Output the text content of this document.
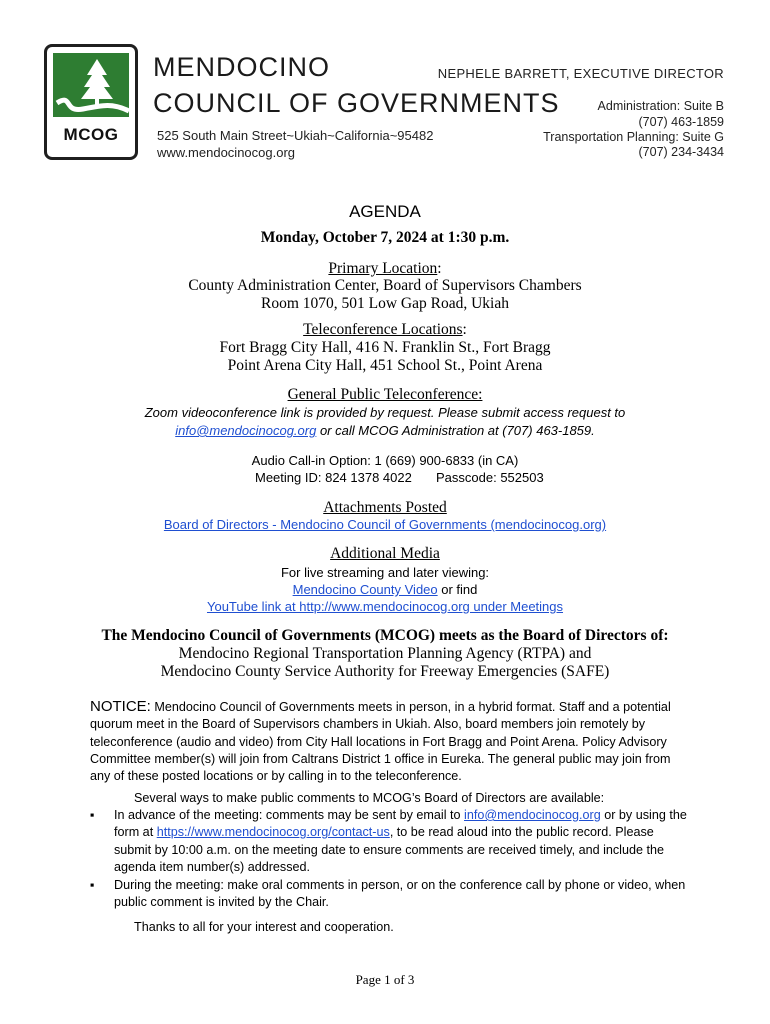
MCOG
MENDOCINO
COUNCIL OF GOVERNMENTS
525 South Main Street~Ukiah~California~95482
www.mendocinocog.org
NEPHELE BARRETT, EXECUTIVE DIRECTOR
Administration: Suite B
(707) 463-1859
Transportation Planning: Suite G
(707) 234-3434
AGENDA
Monday, October 7, 2024 at 1:30 p.m.
Primary Location:
County Administration Center, Board of Supervisors Chambers
Room 1070, 501 Low Gap Road, Ukiah
Teleconference Locations:
Fort Bragg City Hall, 416 N. Franklin St., Fort Bragg
Point Arena City Hall, 451 School St., Point Arena
General Public Teleconference:
Zoom videoconference link is provided by request. Please submit access request to
info@mendocinocog.org or call MCOG Administration at (707) 463-1859.
Audio Call-in Option: 1 (669) 900-6833 (in CA)
Meeting ID: 824 1378 4022 Passcode: 552503
Attachments Posted
Board of Directors - Mendocino Council of Governments (mendocinocog.org)
Additional Media
For live streaming and later viewing:
Mendocino County Video or find
YouTube link at http://www.mendocinocog.org under Meetings
The Mendocino Council of Governments (MCOG) meets as the Board of Directors of:
Mendocino Regional Transportation Planning Agency (RTPA) and
Mendocino County Service Authority for Freeway Emergencies (SAFE)
NOTICE: Mendocino Council of Governments meets in person, in a hybrid format. Staff and a potential quorum meet in the Board of Supervisors chambers in Ukiah. Also, board members join remotely by teleconference (audio and video) from City Hall locations in Fort Bragg and Point Arena. Policy Advisory Committee member(s) will join from Caltrans District 1 office in Eureka. The general public may join from any of these posted locations or by calling in to the teleconference.
Several ways to make public comments to MCOG’s Board of Directors are available:
▪ In advance of the meeting: comments may be sent by email to info@mendocinocog.org or by using the form at https://www.mendocinocog.org/contact-us, to be read aloud into the public record. Please submit by 10:00 a.m. on the meeting date to ensure comments are received timely, and include the agenda item number(s) addressed.
▪ During the meeting: make oral comments in person, or on the conference call by phone or video, when public comment is invited by the Chair.
Thanks to all for your interest and cooperation.
Page 1 of 3
